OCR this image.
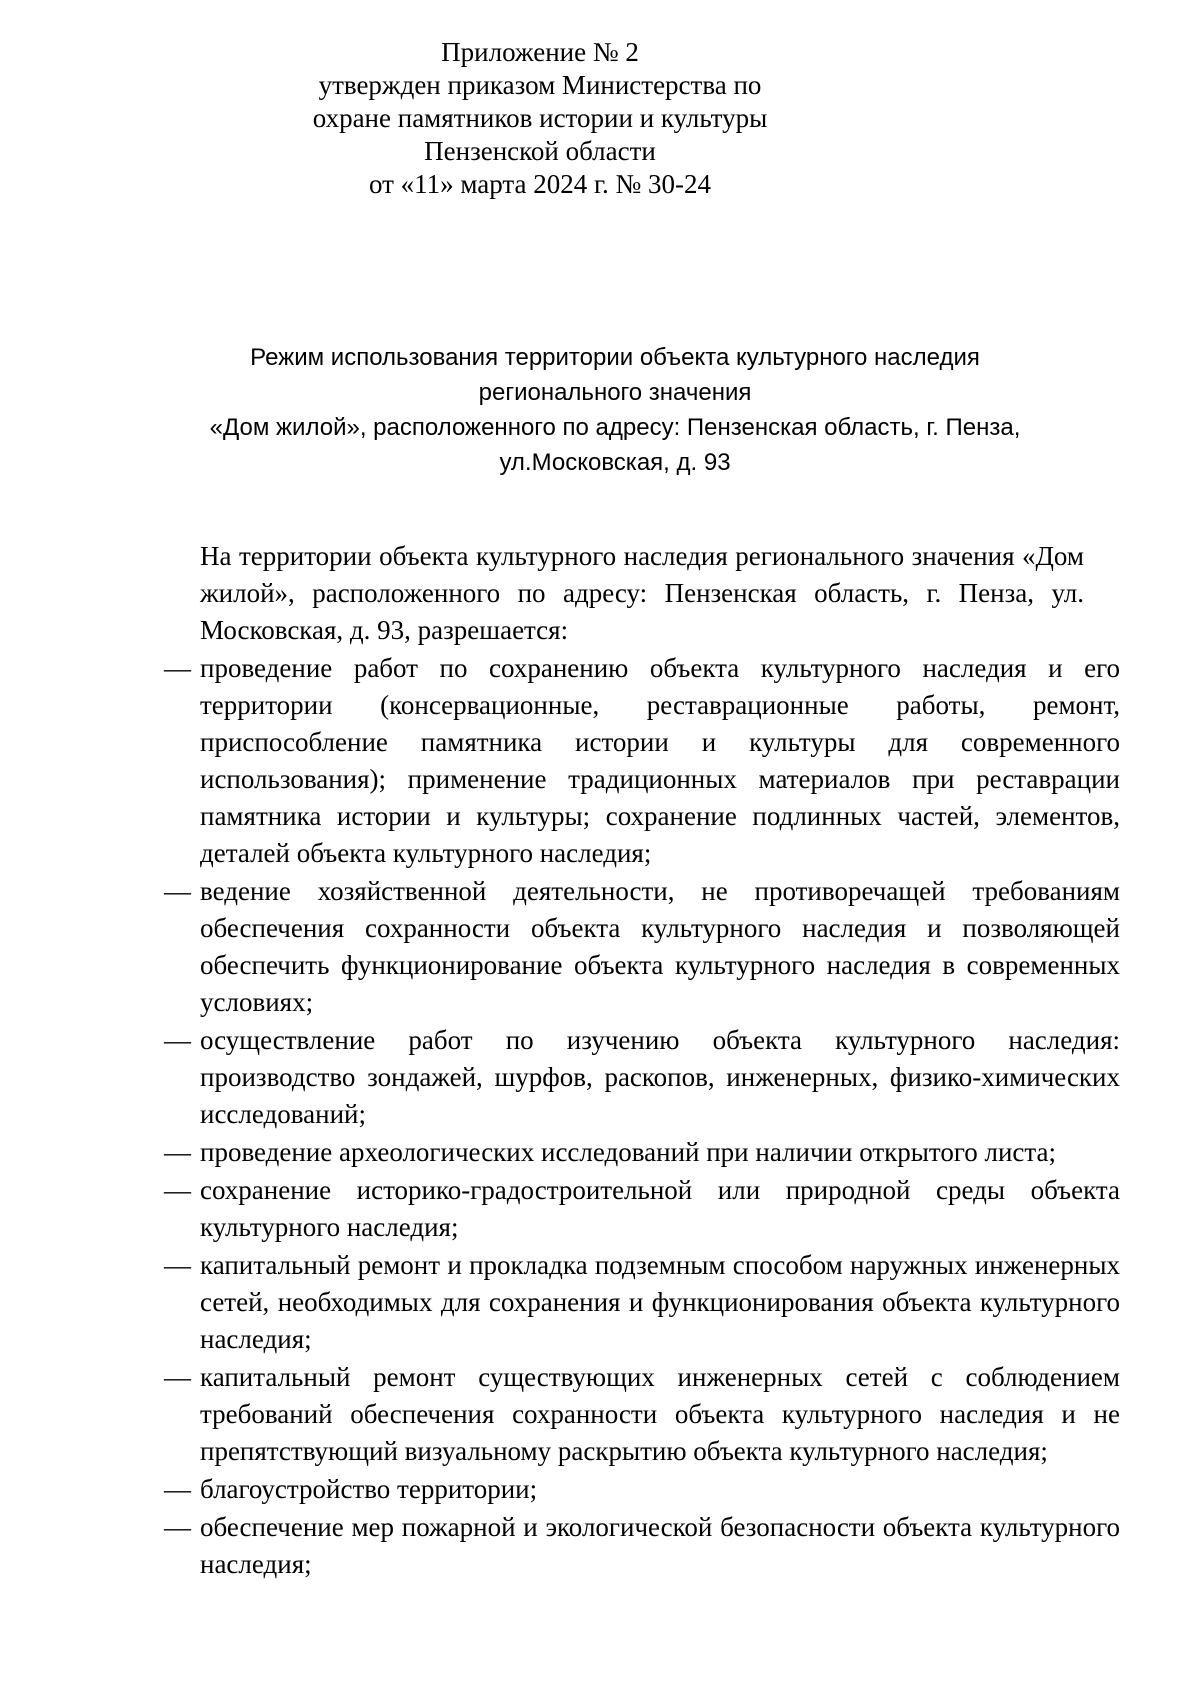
Приложение № 2
утвержден приказом Министерства по
охране памятников истории и культуры
Пензенской области
от «11» марта 2024 г. № 30-24
Режим использования территории объекта культурного наследия
регионального значения
«Дом жилой», расположенного по адресу: Пензенская область, г. Пенза,
ул.Московская, д. 93

На территории объекта культурного наследия регионального значения «Дом жилой», расположенного по адресу: Пензенская область, г. Пенза, ул. Московская, д. 93, разрешается:

— проведение работ по сохранению объекта культурного наследия и его территории (консервационные, реставрационные работы, ремонт, приспособление памятника истории и культуры для современного использования); применение традиционных материалов при реставрации памятника истории и культуры; сохранение подлинных частей, элементов, деталей объекта культурного наследия;
— ведение хозяйственной деятельности, не противоречащей требованиям обеспечения сохранности объекта культурного наследия и позволяющей обеспечить функционирование объекта культурного наследия в современных условиях;
— осуществление работ по изучению объекта культурного наследия: производство зондажей, шурфов, раскопов, инженерных, физико-химических исследований;
— проведение археологических исследований при наличии открытого листа;
— сохранение историко-градостроительной или природной среды объекта культурного наследия;
— капитальный ремонт и прокладка подземным способом наружных инженерных сетей, необходимых для сохранения и функционирования объекта культурного наследия;
— капитальный ремонт существующих инженерных сетей с соблюдением требований обеспечения сохранности объекта культурного наследия и не препятствующий визуальному раскрытию объекта культурного наследия;
— благоустройство территории;
— обеспечение мер пожарной и экологической безопасности объекта культурного наследия;
